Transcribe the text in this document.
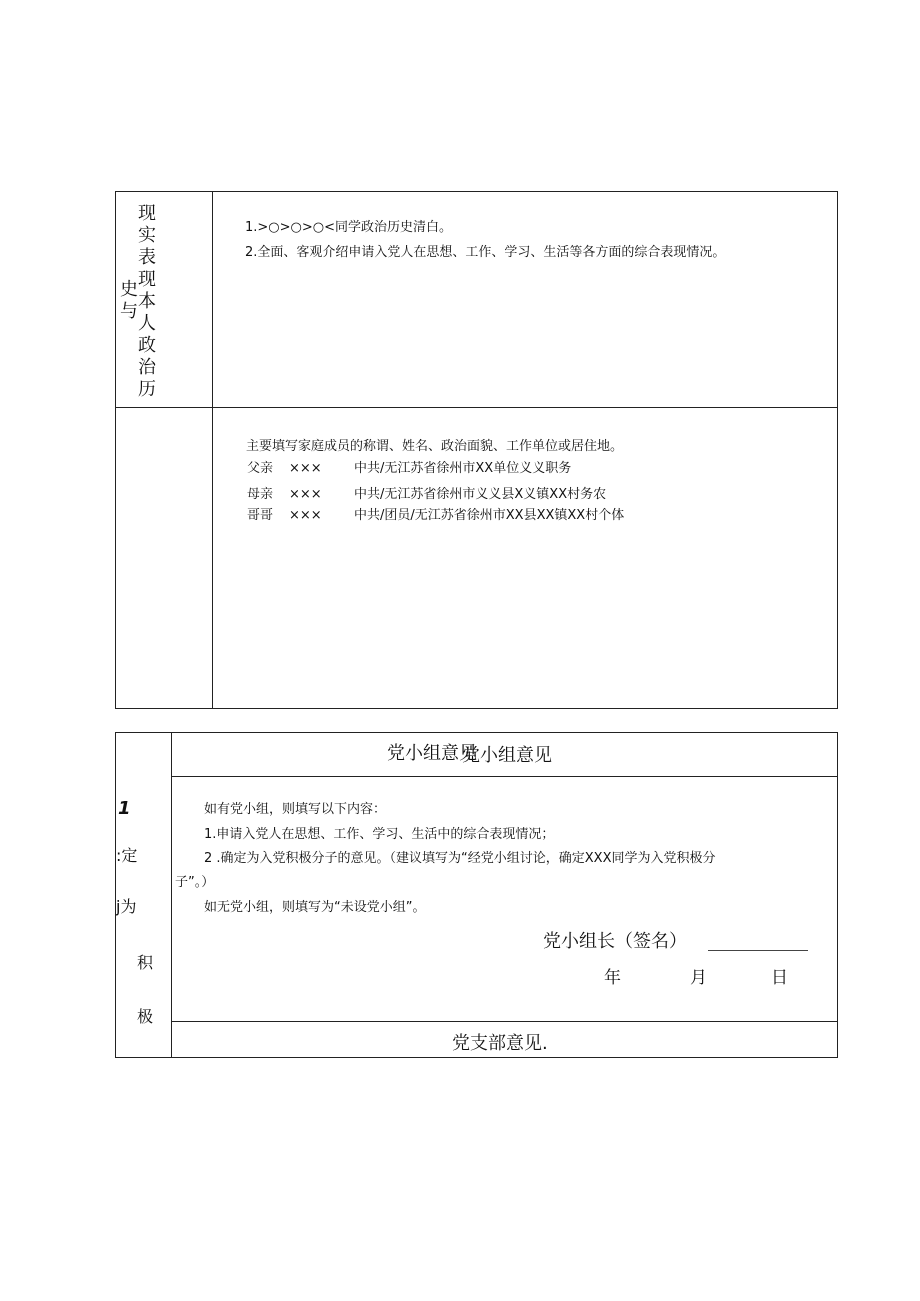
现
实
表
现
本
人
政
治
历
史
与
1.>○>○>○<同学政治历史清白。
2.全面、客观介绍申请入党人在思想、工作、学习、生活等各方面的综合表现情况。
主要填写家庭成员的称谓、姓名、政治面貌、工作单位或居住地。
父亲 ××× 中共/无江苏省徐州市XX单位义义职务
母亲 ××× 中共/无江苏省徐州市义义县X义镇XX村务农
哥哥 ××× 中共/团员/无江苏省徐州市XX县XX镇XX村个体
1
:定
j为
积
极
党小组意见
党小组意见
如有党小组，则填写以下内容：
1.申请入党人在思想、工作、学习、生活中的综合表现情况；
2 .确定为入党积极分子的意见。（建议填写为“经党小组讨论，确定XXX同学为入党积极分
子”。）
如无党小组，则填写为“未设党小组”。
党小组长（签名）
年	月	日
党支部意见.
